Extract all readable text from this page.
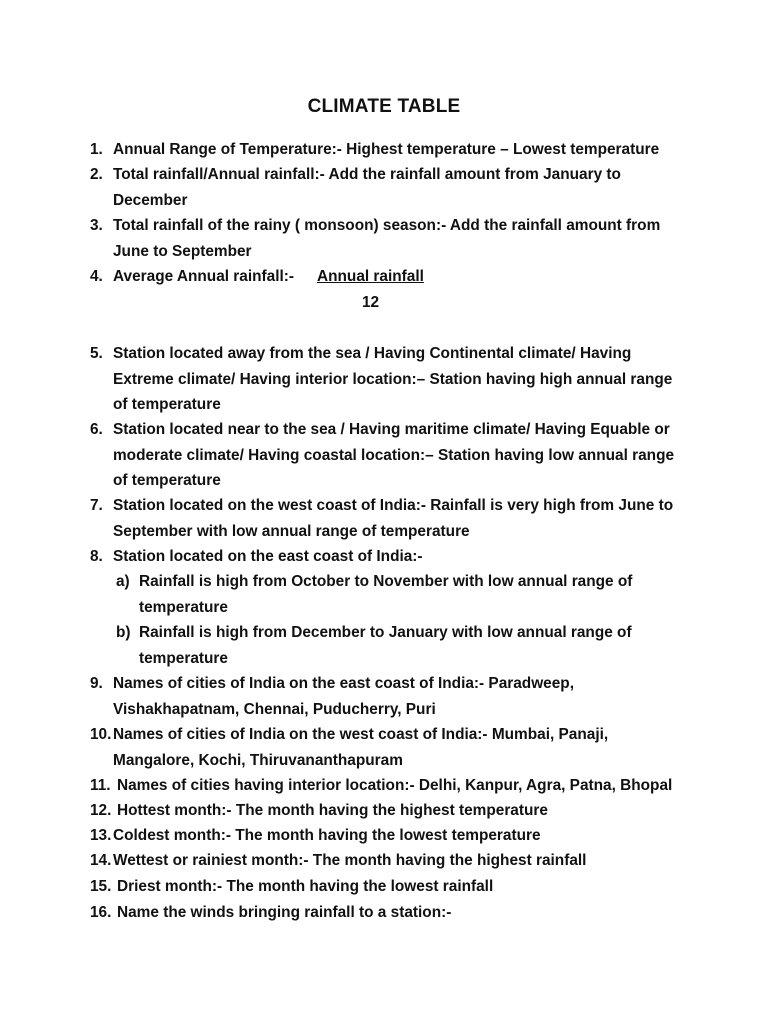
CLIMATE TABLE
1. Annual Range of Temperature:- Highest temperature – Lowest temperature
2. Total rainfall/Annual rainfall:- Add the rainfall amount from January to
December
3. Total rainfall of the rainy ( monsoon) season:- Add the rainfall amount from
June to September
4. Average Annual rainfall:- Annual rainfall
12
5. Station located away from the sea / Having Continental climate/ Having
Extreme climate/ Having interior location:– Station having high annual range
of temperature
6. Station located near to the sea / Having maritime climate/ Having Equable or
moderate climate/ Having coastal location:– Station having low annual range
of temperature
7. Station located on the west coast of India:- Rainfall is very high from June to
September with low annual range of temperature
8. Station located on the east coast of India:-
a) Rainfall is high from October to November with low annual range of
temperature
b) Rainfall is high from December to January with low annual range of
temperature
9. Names of cities of India on the east coast of India:- Paradweep,
Vishakhapatnam, Chennai, Puducherry, Puri
10. Names of cities of India on the west coast of India:- Mumbai, Panaji,
Mangalore, Kochi, Thiruvananthapuram
11. Names of cities having interior location:- Delhi, Kanpur, Agra, Patna, Bhopal
12. Hottest month:- The month having the highest temperature
13. Coldest month:- The month having the lowest temperature
14. Wettest or rainiest month:- The month having the highest rainfall
15. Driest month:- The month having the lowest rainfall
16. Name the winds bringing rainfall to a station:-
